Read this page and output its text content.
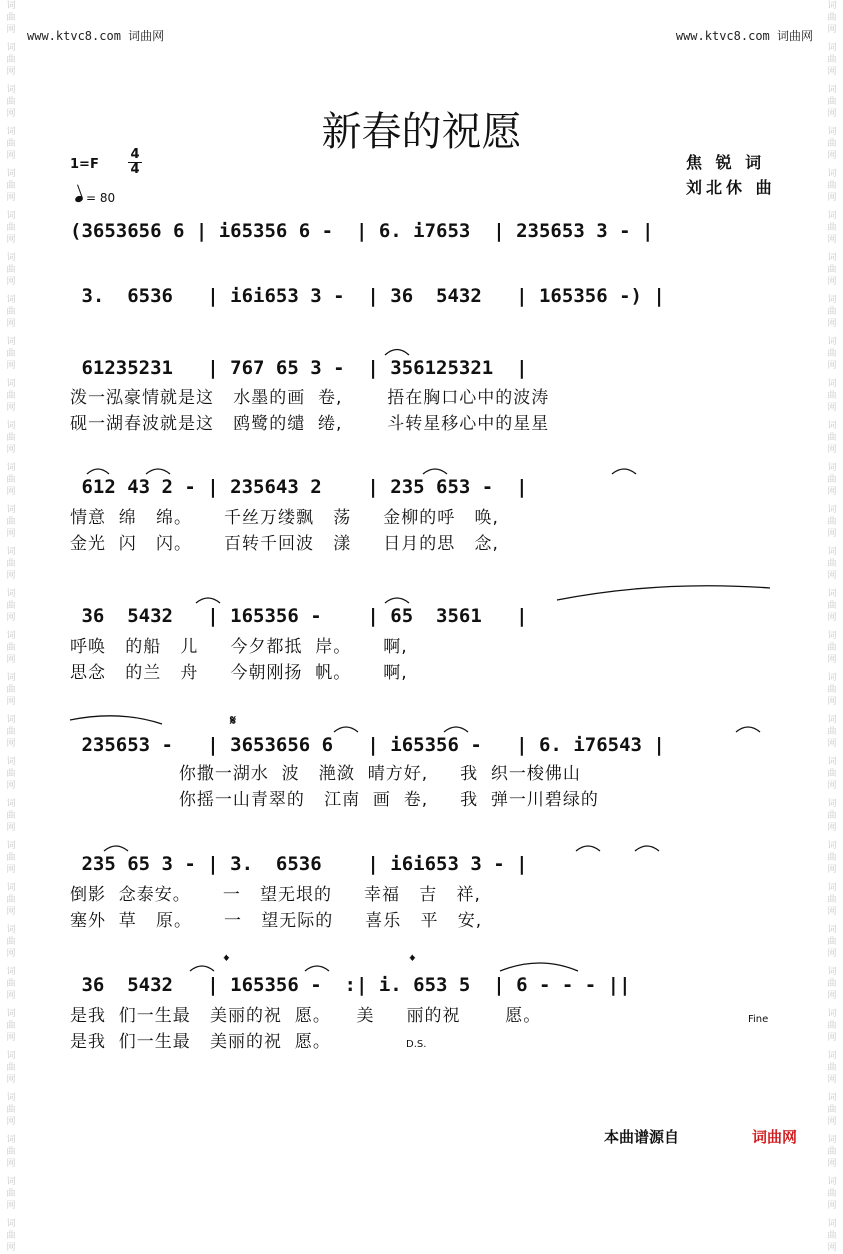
词
曲
网
词
曲
网
词
曲
网
词
曲
网
词
曲
网
词
曲
网
词
曲
网
词
曲
网
词
曲
网
词
曲
网
词
曲
网
词
曲
网
词
曲
网
词
曲
网
词
曲
网
词
曲
网
词
曲
网
词
曲
网
词
曲
网
词
曲
网
词
曲
网
词
曲
网
词
曲
网
词
曲
网
词
曲
网
词
曲
网
词
曲
网
词
曲
网
词
曲
网
词
曲
网
词
曲
网
词
曲
网
词
曲
网
词
曲
网
词
曲
网
词
曲
网
词
曲
网
词
曲
网
词
曲
网
词
曲
网
词
曲
网
词
曲
网
词
曲
网
词
曲
网
词
曲
网
词
曲
网
词
曲
网
词
曲
网
词
曲
网
词
曲
网
词
曲
网
词
曲
网
词
曲
网
词
曲
网
词
曲
网
词
曲
网
词
曲
网
词
曲
网
词
曲
网
词
曲
网
www.ktvc8.com 词曲网	www.ktvc8.com 词曲网
新春的祝愿
1=F
4
4
= 80
焦 锐 词
刘北休 曲
(3653656 6 | i65356 6 -  | 6. i7653  | 235653 3 - |
3.  6536   | i6i653 3 -  | 36  5432   | 165356 -) |
61235231   | 767 65 3 -  | 356125321  |
泼一泓豪情就是这   水墨的画  卷,       捂在胸口心中的波涛
砚一湖春波就是这   鸥鹭的缱  绻,       斗转星移心中的星星
612 43 2 - | 235643 2    | 235 653 -  |
情意  绵   绵。     千丝万缕飘   荡     金柳的呼   唤,
金光  闪   闪。     百转千回波   漾     日月的思   念,
36  5432   | 165356 -    | 65  3561   |
呼唤   的船   儿     今夕都抵  岸。     啊,
思念   的兰   舟     今朝刚扬  帆。     啊,
235653 -   | 3653656 6   | i65356 -   | 6. i76543 |
你撒一湖水  波   滟潋  晴方好,     我  织一梭佛山
你摇一山青翠的   江南  画  卷,     我  弹一川碧绿的
235 65 3 - | 3.  6536    | i6i653 3 - |
倒影  念泰安。     一   望无垠的     幸福   吉   祥,
塞外  草   原。     一   望无际的     喜乐   平   安,
36  5432   | 165356 -  :| i. 653 5  | 6 - - - ||
是我  们一生最   美丽的祝  愿。    美     丽的祝       愿。
是我  们一生最   美丽的祝  愿。
𝄋
𝄌	𝄌
D.S.
Fine
本曲谱源自	词曲网
